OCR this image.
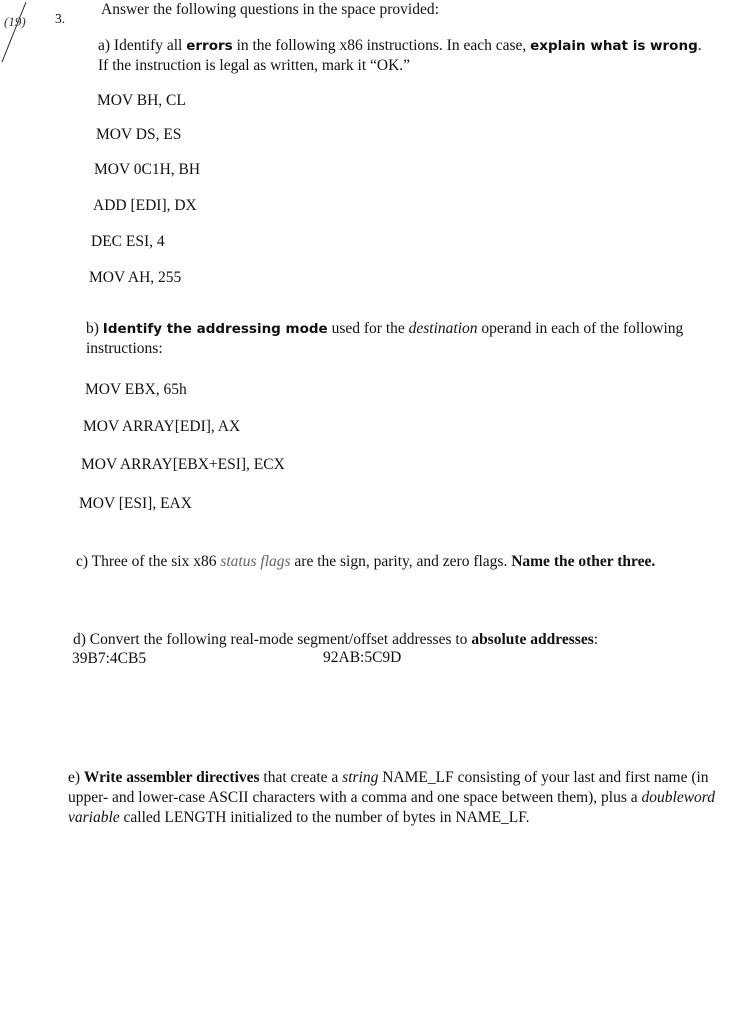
(19) 3.
Answer the following questions in the space provided:
a) Identify all errors in the following x86 instructions. In each case, explain what is wrong. If the instruction is legal as written, mark it “OK.”
MOV BH, CL
MOV DS, ES
MOV 0C1H, BH
ADD [EDI], DX
DEC ESI, 4
MOV AH, 255
b) Identify the addressing mode used for the destination operand in each of the following instructions:
MOV EBX, 65h
MOV ARRAY[EDI], AX
MOV ARRAY[EBX+ESI], ECX
MOV [ESI], EAX
c) Three of the six x86 status flags are the sign, parity, and zero flags. Name the other three.
d) Convert the following real-mode segment/offset addresses to absolute addresses:
39B7:4CB5	92AB:5C9D
e) Write assembler directives that create a string NAME_LF consisting of your last and first name (in upper- and lower-case ASCII characters with a comma and one space between them), plus a doubleword variable called LENGTH initialized to the number of bytes in NAME_LF.
